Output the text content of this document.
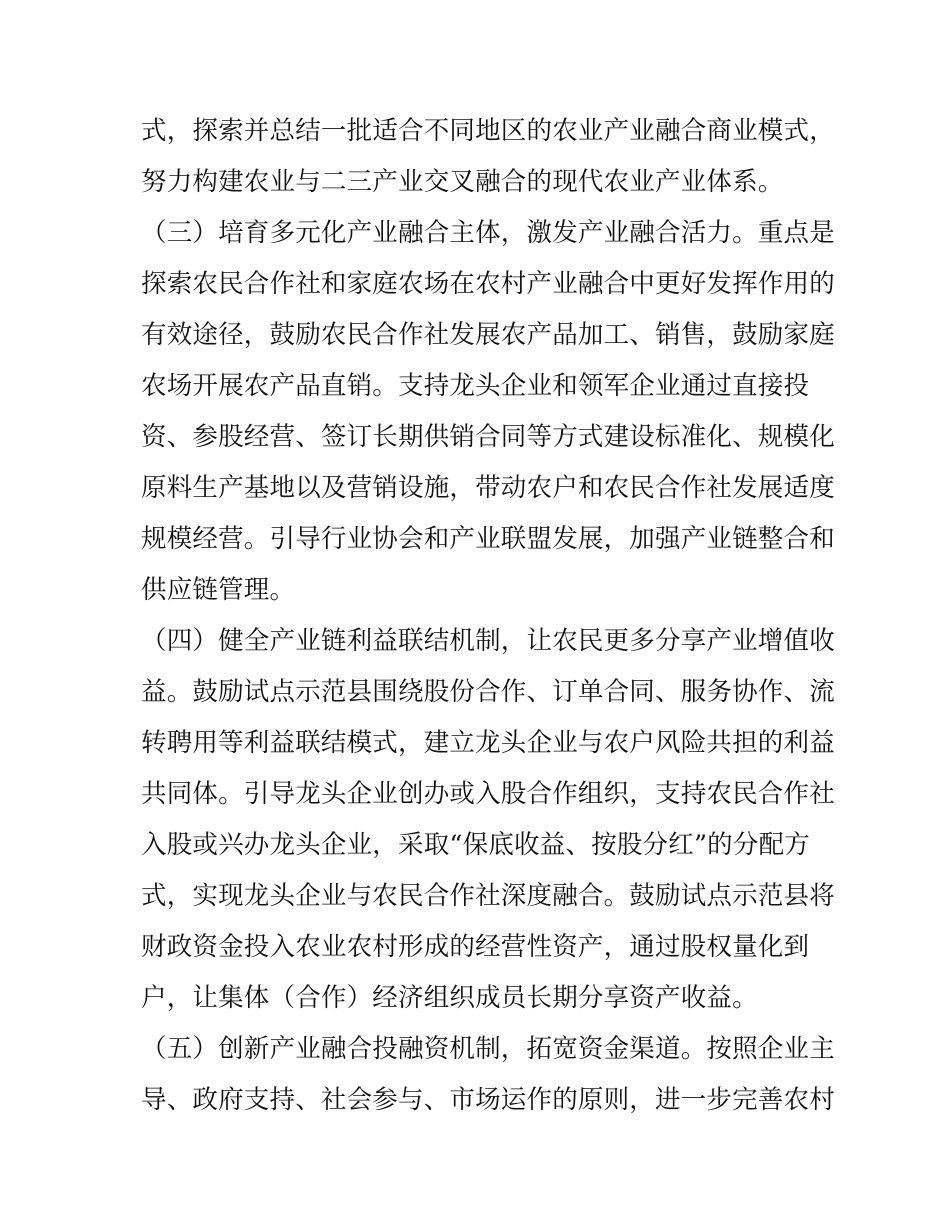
式，探索并总结一批适合不同地区的农业产业融合商业模式，
努力构建农业与二三产业交叉融合的现代农业产业体系。
（三）培育多元化产业融合主体，激发产业融合活力。重点是
探索农民合作社和家庭农场在农村产业融合中更好发挥作用的
有效途径，鼓励农民合作社发展农产品加工、销售，鼓励家庭
农场开展农产品直销。支持龙头企业和领军企业通过直接投
资、参股经营、签订长期供销合同等方式建设标准化、规模化
原料生产基地以及营销设施，带动农户和农民合作社发展适度
规模经营。引导行业协会和产业联盟发展，加强产业链整合和
供应链管理。
（四）健全产业链利益联结机制，让农民更多分享产业增值收
益。鼓励试点示范县围绕股份合作、订单合同、服务协作、流
转聘用等利益联结模式，建立龙头企业与农户风险共担的利益
共同体。引导龙头企业创办或入股合作组织，支持农民合作社
入股或兴办龙头企业，采取“保底收益、按股分红”的分配方
式，实现龙头企业与农民合作社深度融合。鼓励试点示范县将
财政资金投入农业农村形成的经营性资产，通过股权量化到
户，让集体（合作）经济组织成员长期分享资产收益。
（五）创新产业融合投融资机制，拓宽资金渠道。按照企业主
导、政府支持、社会参与、市场运作的原则，进一步完善农村
